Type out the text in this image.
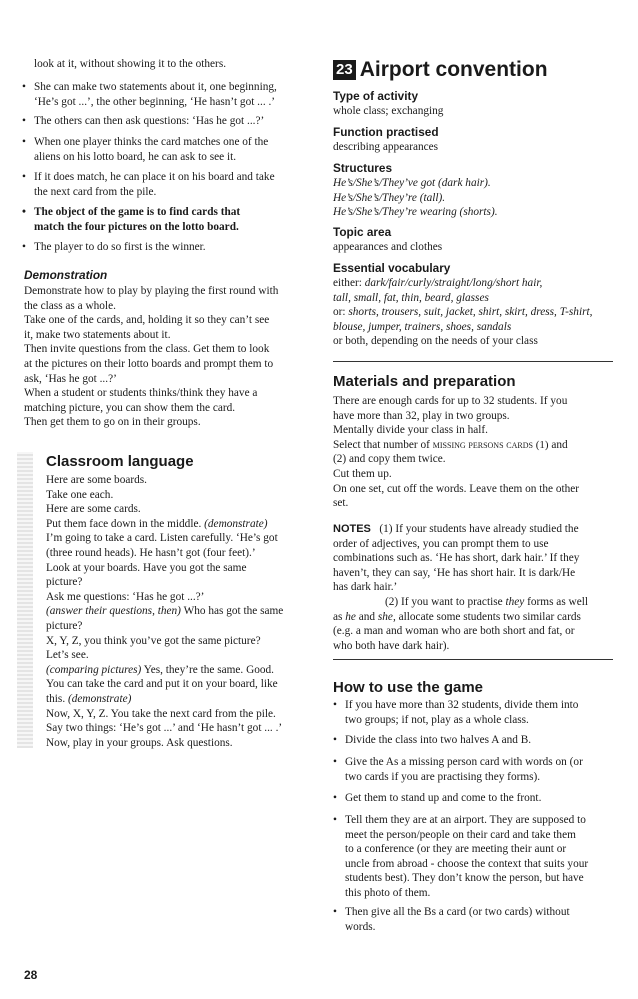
look at it, without showing it to the others.
• She can make two statements about it, one beginning,
‘He’s got ...’, the other beginning, ‘He hasn’t got ... .’
• The others can then ask questions: ‘Has he got ...?’
• When one player thinks the card matches one of the
aliens on his lotto board, he can ask to see it.
• If it does match, he can place it on his board and take
the next card from the pile.
• The object of the game is to find cards that
match the four pictures on the lotto board.
• The player to do so first is the winner.
Demonstration
Demonstrate how to play by playing the first round with
the class as a whole.
Take one of the cards, and, holding it so they can’t see
it, make two statements about it.
Then invite questions from the class. Get them to look
at the pictures on their lotto boards and prompt them to
ask, ‘Has he got ...?’
When a student or students thinks/think they have a
matching picture, you can show them the card.
Then get them to go on in their groups.
Classroom language
Here are some boards.
Take one each.
Here are some cards.
Put them face down in the middle. (demonstrate)
I’m going to take a card. Listen carefully. ‘He’s got
(three round heads). He hasn’t got (four feet).’
Look at your boards. Have you got the same
picture?
Ask me questions: ‘Has he got ...?’
(answer their questions, then) Who has got the same
picture?
X, Y, Z, you think you’ve got the same picture?
Let’s see.
(comparing pictures) Yes, they’re the same. Good.
You can take the card and put it on your board, like
this. (demonstrate)
Now, X, Y, Z. You take the next card from the pile.
Say two things: ‘He’s got ...’ and ‘He hasn’t got ... .’
Now, play in your groups. Ask questions.
28
23 Airport convention
Type of activity
whole class; exchanging
Function practised
describing appearances
Structures
He’s/She’s/They’ve got (dark hair).
He’s/She’s/They’re (tall).
He’s/She’s/They’re wearing (shorts).
Topic area
appearances and clothes
Essential vocabulary
either: dark/fair/curly/straight/long/short hair,
tall, small, fat, thin, beard, glasses
or: shorts, trousers, suit, jacket, shirt, skirt, dress, T-shirt,
blouse, jumper, trainers, shoes, sandals
or both, depending on the needs of your class
Materials and preparation
There are enough cards for up to 32 students. If you
have more than 32, play in two groups.
Mentally divide your class in half.
Select that number of missing persons cards (1) and
(2) and copy them twice.
Cut them up.
On one set, cut off the words. Leave them on the other
set.
NOTES (1) If your students have already studied the
order of adjectives, you can prompt them to use
combinations such as. ‘He has short, dark hair.’ If they
haven’t, they can say, ‘He has short hair. It is dark/He
has dark hair.’
(2) If you want to practise they forms as well
as he and she, allocate some students two similar cards
(e.g. a man and woman who are both short and fat, or
who both have dark hair).
How to use the game
• If you have more than 32 students, divide them into
two groups; if not, play as a whole class.
• Divide the class into two halves A and B.
• Give the As a missing person card with words on (or
two cards if you are practising they forms).
• Get them to stand up and come to the front.
• Tell them they are at an airport. They are supposed to
meet the person/people on their card and take them
to a conference (or they are meeting their aunt or
uncle from abroad - choose the context that suits your
students best). They don’t know the person, but have
this photo of them.
• Then give all the Bs a card (or two cards) without
words.
